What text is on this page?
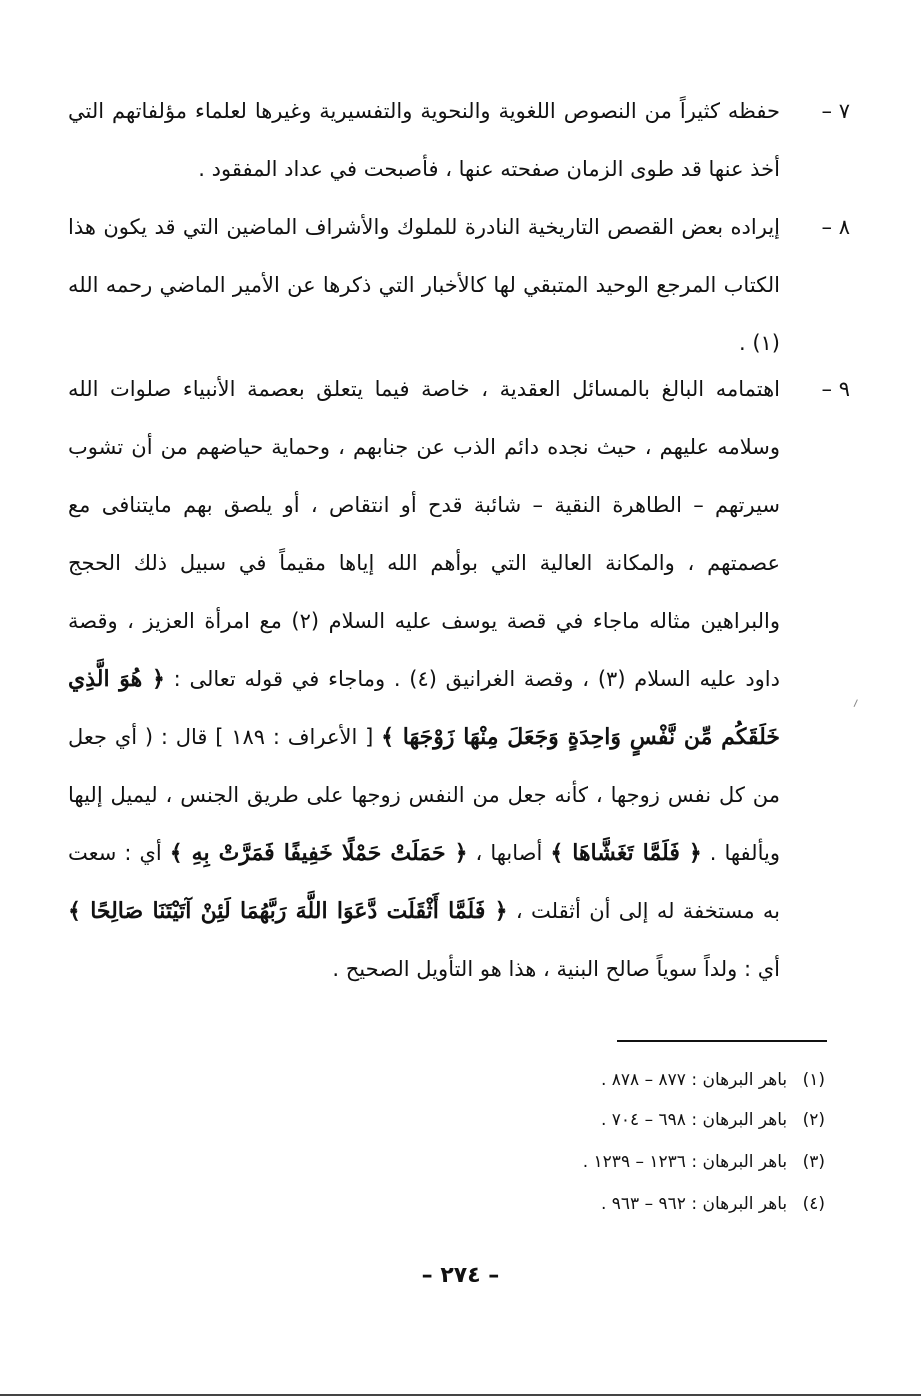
٧ –
حفظه كثيراً من النصوص اللغوية والنحوية والتفسيرية وغيرها لعلماء مؤلفاتهم التي أخذ عنها قد طوى الزمان صفحته عنها ، فأصبحت في عداد المفقود .
٨ –
إيراده بعض القصص التاريخية النادرة للملوك والأشراف الماضين التي قد يكون هذا الكتاب المرجع الوحيد المتبقي لها كالأخبار التي ذكرها عن الأمير الماضي رحمه الله (١) .
٩ –
اهتمامه البالغ بالمسائل العقدية ، خاصة فيما يتعلق بعصمة الأنبياء صلوات الله وسلامه عليهم ، حيث نجده دائم الذب عن جنابهم ، وحماية حياضهم من أن تشوب سيرتهم – الطاهرة النقية – شائبة قدح أو انتقاص ، أو يلصق بهم مايتنافى مع عصمتهم ، والمكانة العالية التي بوأهم الله إياها مقيماً في سبيل ذلك الحجج والبراهين مثاله ماجاء في قصة يوسف عليه السلام (٢) مع امرأة العزيز ، وقصة داود عليه السلام (٣) ، وقصة الغرانيق (٤) . وماجاء في قوله تعالى : ﴿ هُوَ الَّذِي خَلَقَكُم مِّن نَّفْسٍ وَاحِدَةٍ وَجَعَلَ مِنْهَا زَوْجَهَا ﴾ [ الأعراف : ١٨٩ ] قال : ( أي جعل من كل نفس زوجها ، كأنه جعل من النفس زوجها على طريق الجنس ، ليميل إليها ويألفها . ﴿ فَلَمَّا تَغَشَّاهَا ﴾ أصابها ، ﴿ حَمَلَتْ حَمْلًا خَفِيفًا فَمَرَّتْ بِهِ ﴾ أي : سعت به مستخفة له إلى أن أثقلت ، ﴿ فَلَمَّا أَثْقَلَت دَّعَوَا اللَّهَ رَبَّهُمَا لَئِنْ آتَيْتَنَا صَالِحًا ﴾ أي : ولداً سوياً صالح البنية ، هذا هو التأويل الصحيح .
(١) باهر البرهان : ٨٧٧ – ٨٧٨ .
(٢) باهر البرهان : ٦٩٨ – ٧٠٤ .
(٣) باهر البرهان : ١٢٣٦ – ١٢٣٩ .
(٤) باهر البرهان : ٩٦٢ – ٩٦٣ .
– ٢٧٤ –
